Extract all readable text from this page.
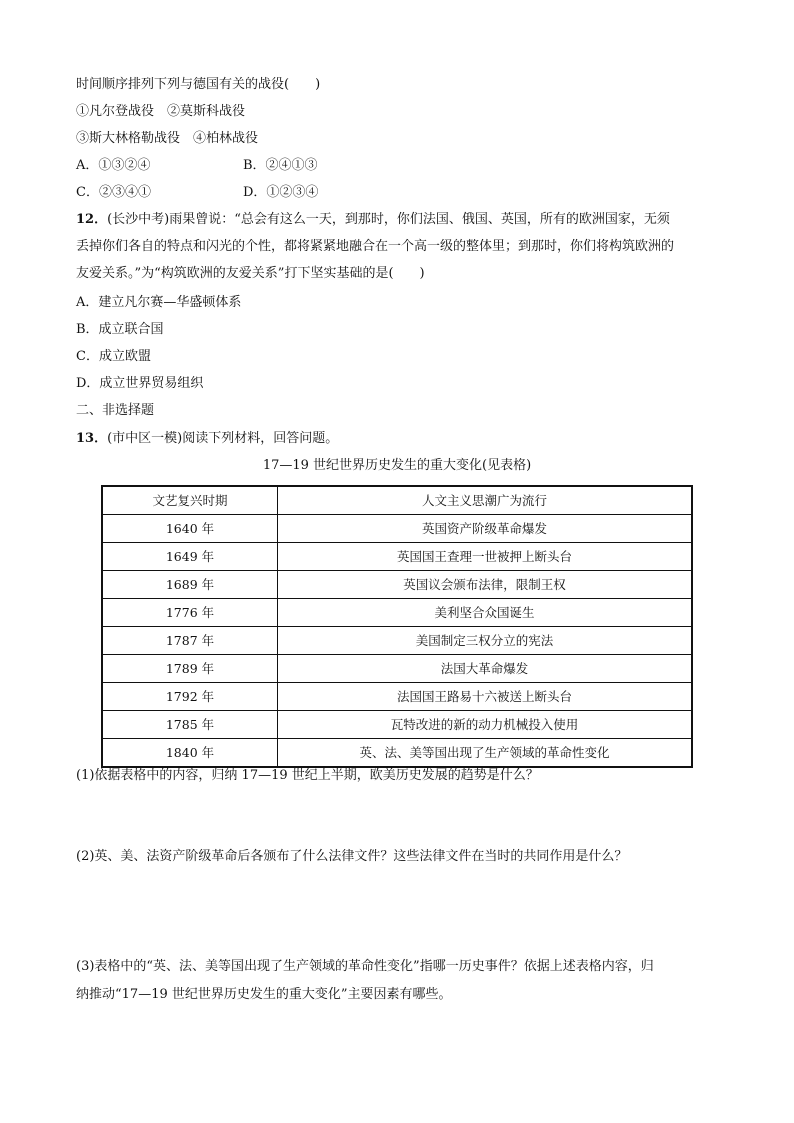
时间顺序排列下列与德国有关的战役(　　)
①凡尔登战役　②莫斯科战役
③斯大林格勒战役　④柏林战役
A．①③②④	B．②④①③
C．②③④①	D．①②③④
12．(长沙中考)雨果曾说：“总会有这么一天，到那时，你们法国、俄国、英国，所有的欧洲国家，无须
丢掉你们各自的特点和闪光的个性，都将紧紧地融合在一个高一级的整体里；到那时，你们将构筑欧洲的
友爱关系。”为“构筑欧洲的友爱关系”打下坚实基础的是(　　)
A．建立凡尔赛—华盛顿体系
B．成立联合国
C．成立欧盟
D．成立世界贸易组织
二、非选择题
13．(市中区一模)阅读下列材料，回答问题。
17—19 世纪世界历史发生的重大变化(见表格)
文艺复兴时期	人文主义思潮广为流行
1640 年	英国资产阶级革命爆发
1649 年	英国国王查理一世被押上断头台
1689 年	英国议会颁布法律，限制王权
1776 年	美利坚合众国诞生
1787 年	美国制定三权分立的宪法
1789 年	法国大革命爆发
1792 年	法国国王路易十六被送上断头台
1785 年	瓦特改进的新的动力机械投入使用
1840 年	英、法、美等国出现了生产领域的革命性变化
(1)依据表格中的内容，归纳 17—19 世纪上半期，欧美历史发展的趋势是什么？
(2)英、美、法资产阶级革命后各颁布了什么法律文件？这些法律文件在当时的共同作用是什么？
(3)表格中的“英、法、美等国出现了生产领域的革命性变化”指哪一历史事件？依据上述表格内容，归
纳推动“17—19 世纪世界历史发生的重大变化”主要因素有哪些。
